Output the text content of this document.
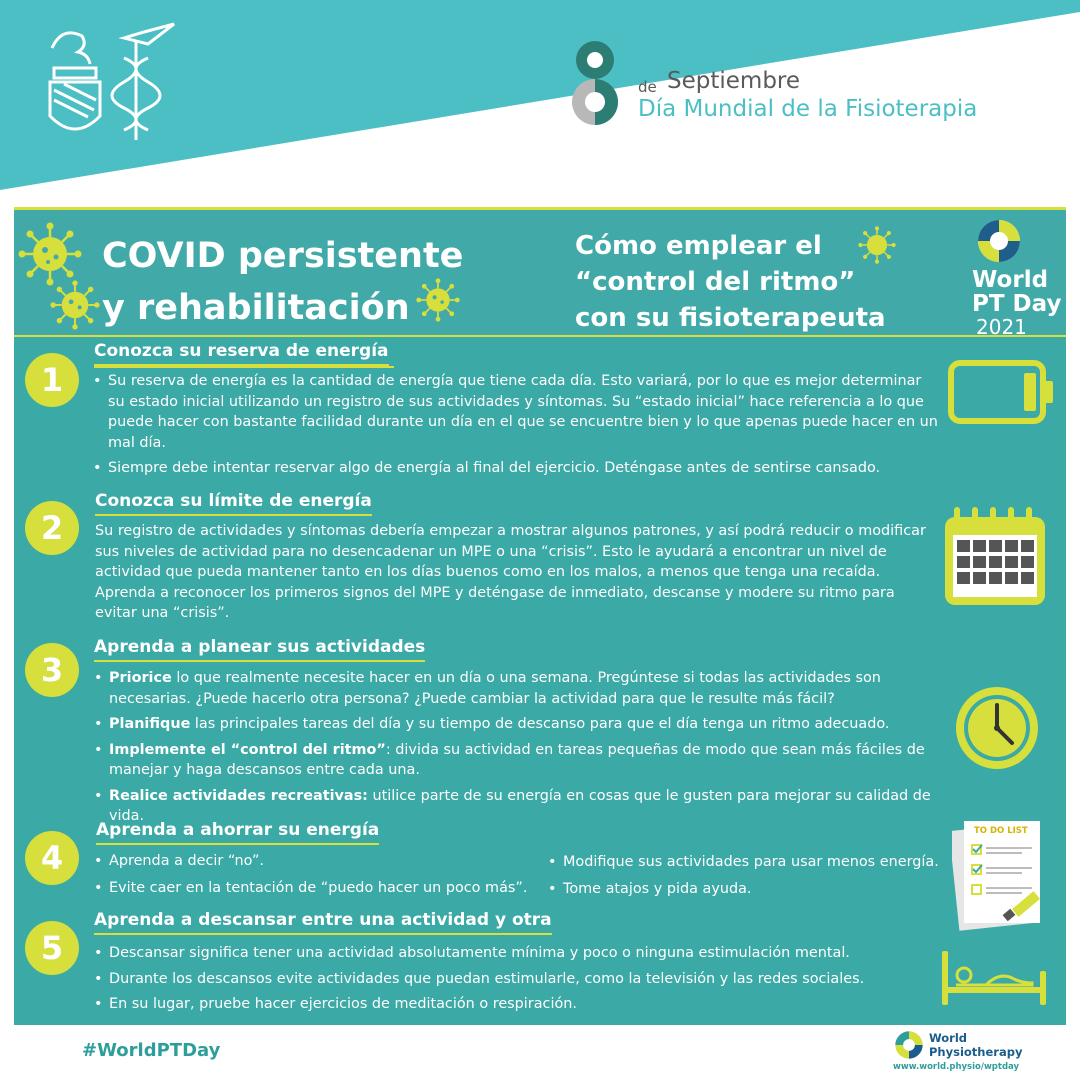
de Septiembre
Día Mundial de la Fisioterapia
COVID persistente
y rehabilitación
Cómo emplear el
“control del ritmo”
con su fisioterapeuta
World
PT Day
2021
1
Conozca su reserva de energía

• Su reserva de energía es la cantidad de energía que tiene cada día. Esto variará, por lo que es mejor determinar su estado inicial utilizando un registro de sus actividades y síntomas. Su “estado inicial” hace referencia a lo que puede hacer con bastante facilidad durante un día en el que se encuentre bien y lo que apenas puede hacer en un mal día.

• Siempre debe intentar reservar algo de energía al final del ejercicio. Deténgase antes de sentirse cansado.

2
Conozca su límite de energía
Su registro de actividades y síntomas debería empezar a mostrar algunos patrones, y así podrá reducir o modificar sus niveles de actividad para no desencadenar un MPE o una “crisis”. Esto le ayudará a encontrar un nivel de actividad que pueda mantener tanto en los días buenos como en los malos, a menos que tenga una recaída. Aprenda a reconocer los primeros signos del MPE y deténgase de inmediato, descanse y modere su ritmo para evitar una “crisis”.
3
Aprenda a planear sus actividades

• Priorice lo que realmente necesite hacer en un día o una semana. Pregúntese si todas las actividades son necesarias. ¿Puede hacerlo otra persona? ¿Puede cambiar la actividad para que le resulte más fácil?

• Planifique las principales tareas del día y su tiempo de descanso para que el día tenga un ritmo adecuado.

• Implemente el “control del ritmo”: divida su actividad en tareas pequeñas de modo que sean más fáciles de manejar y haga descansos entre cada una.

• Realice actividades recreativas: utilice parte de su energía en cosas que le gusten para mejorar su calidad de vida.

4
Aprenda a ahorrar su energía

• Aprenda a decir “no”.

• Evite caer en la tentación de “puedo hacer un poco más”.

• Modifique sus actividades para usar menos energía.

• Tome atajos y pida ayuda.

TO DO LIST
5
Aprenda a descansar entre una actividad y otra

• Descansar significa tener una actividad absolutamente mínima y poco o ninguna estimulación mental.

• Durante los descansos evite actividades que puedan estimularle, como la televisión y las redes sociales.

• En su lugar, pruebe hacer ejercicios de meditación o respiración.

#WorldPTDay
World
Physiotherapy
www.world.physio/wptday
